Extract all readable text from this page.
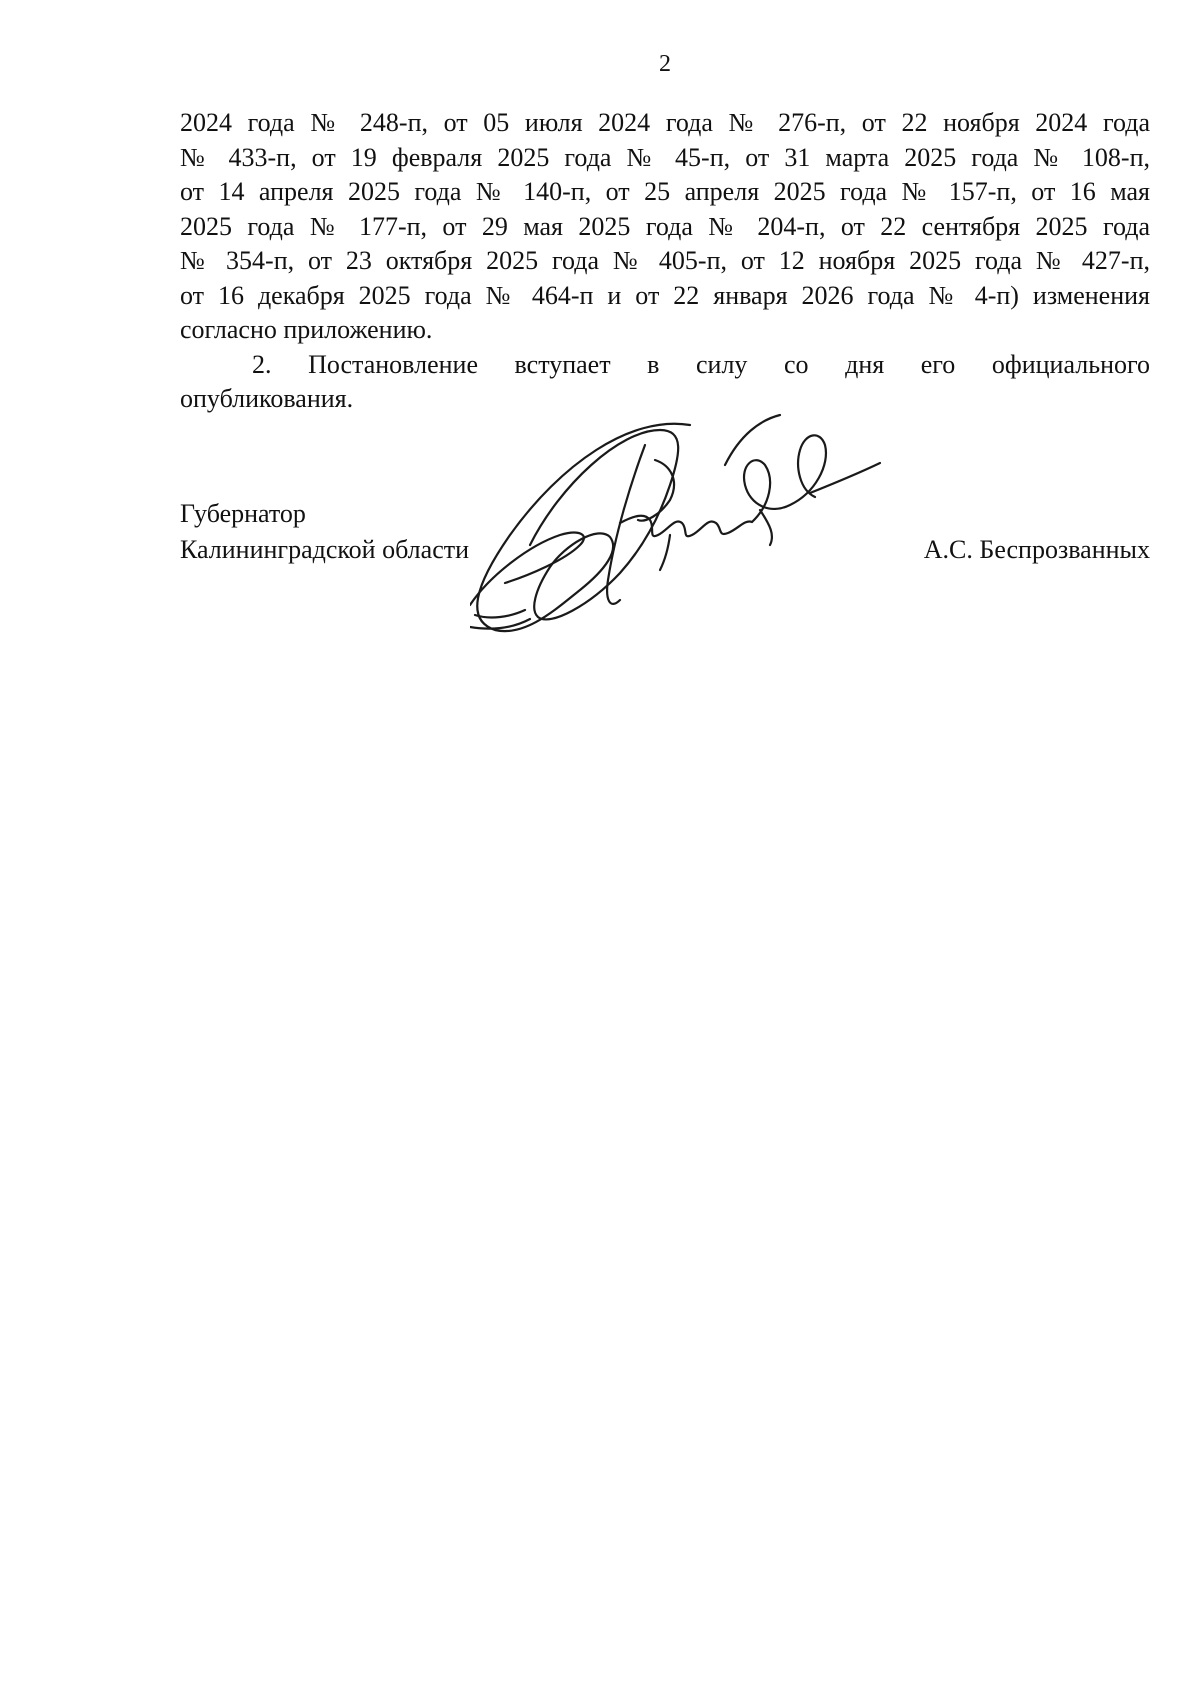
2
2024 года № 248-п, от 05 июля 2024 года № 276-п, от 22 ноября 2024 года
№ 433-п, от 19 февраля 2025 года № 45-п, от 31 марта 2025 года № 108-п,
от 14 апреля 2025 года № 140-п, от 25 апреля 2025 года № 157-п, от 16 мая
2025 года № 177-п, от 29 мая 2025 года № 204-п, от 22 сентября 2025 года
№ 354-п, от 23 октября 2025 года № 405-п, от 12 ноября 2025 года № 427-п,
от 16 декабря 2025 года № 464-п и от 22 января 2026 года № 4-п) изменения
согласно приложению.
2. Постановление вступает в силу со дня его официального
опубликования.
Губернатор
Калининградской области	А.С. Беспрозванных
